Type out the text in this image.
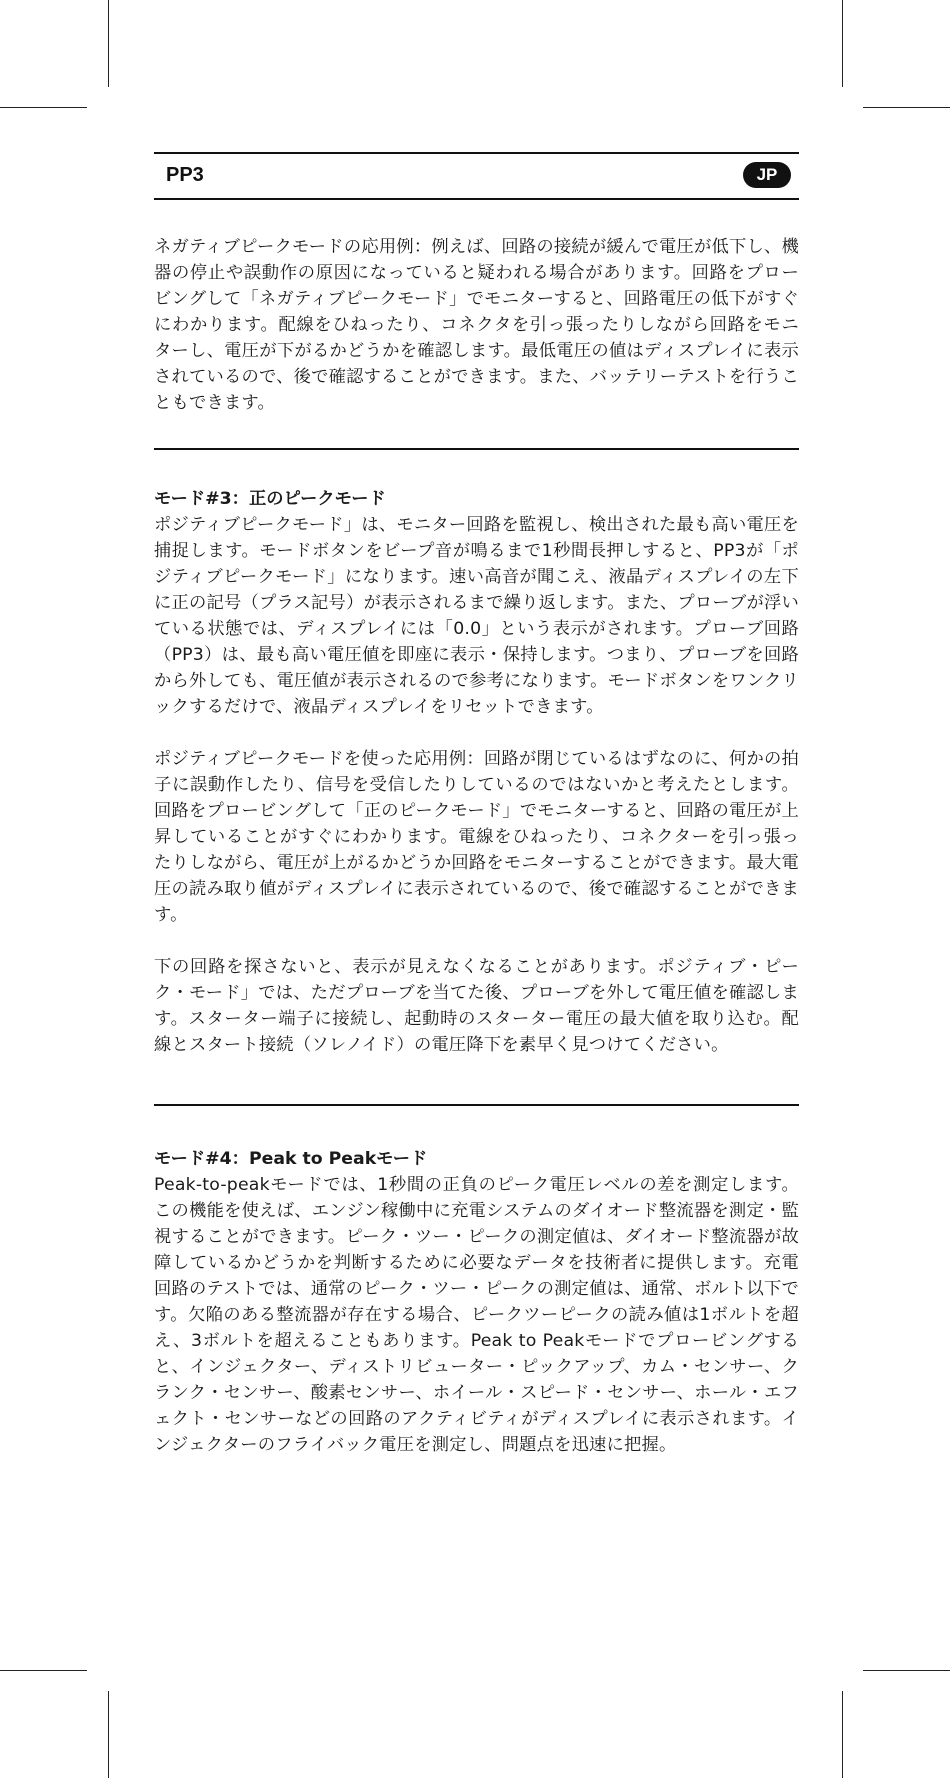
PP3	JP

ネガティブピークモードの応用例：例えば、回路の接続が緩んで電圧が低下し、機器の停止や誤動作の原因になっていると疑われる場合があります。回路をプロービングして「ネガティブピークモード」でモニターすると、回路電圧の低下がすぐにわかります。配線をひねったり、コネクタを引っ張ったりしながら回路をモニターし、電圧が下がるかどうかを確認します。最低電圧の値はディスプレイに表示されているので、後で確認することができます。また、バッテリーテストを行うこともできます。

モード#3：正のピークモード

ポジティブピークモード」は、モニター回路を監視し、検出された最も高い電圧を捕捉します。モードボタンをビープ音が鳴るまで1秒間長押しすると、PP3が「ポジティブピークモード」になります。速い高音が聞こえ、液晶ディスプレイの左下に正の記号（プラス記号）が表示されるまで繰り返します。また、プローブが浮いている状態では、ディスプレイには「0.0」という表示がされます。プローブ回路（PP3）は、最も高い電圧値を即座に表示・保持します。つまり、プローブを回路から外しても、電圧値が表示されるので参考になります。モードボタンをワンクリックするだけで、液晶ディスプレイをリセットできます。

ポジティブピークモードを使った応用例：回路が閉じているはずなのに、何かの拍子に誤動作したり、信号を受信したりしているのではないかと考えたとします。回路をプロービングして「正のピークモード」でモニターすると、回路の電圧が上昇していることがすぐにわかります。電線をひねったり、コネクターを引っ張ったりしながら、電圧が上がるかどうか回路をモニターすることができます。最大電圧の読み取り値がディスプレイに表示されているので、後で確認することができます。

下の回路を探さないと、表示が見えなくなることがあります。ポジティブ・ピーク・モード」では、ただプローブを当てた後、プローブを外して電圧値を確認します。スターター端子に接続し、起動時のスターター電圧の最大値を取り込む。配線とスタート接続（ソレノイド）の電圧降下を素早く見つけてください。

モード#4：Peak to Peakモード

Peak-to-peakモードでは、1秒間の正負のピーク電圧レベルの差を測定します。この機能を使えば、エンジン稼働中に充電システムのダイオード整流器を測定・監視することができます。ピーク・ツー・ピークの測定値は、ダイオード整流器が故障しているかどうかを判断するために必要なデータを技術者に提供します。充電回路のテストでは、通常のピーク・ツー・ピークの測定値は、通常、ボルト以下です。欠陥のある整流器が存在する場合、ピークツーピークの読み値は1ボルトを超え、3ボルトを超えることもあります。Peak to Peakモードでプロービングすると、インジェクター、ディストリビューター・ピックアップ、カム・センサー、クランク・センサー、酸素センサー、ホイール・スピード・センサー、ホール・エフェクト・センサーなどの回路のアクティビティがディスプレイに表示されます。インジェクターのフライバック電圧を測定し、問題点を迅速に把握。
